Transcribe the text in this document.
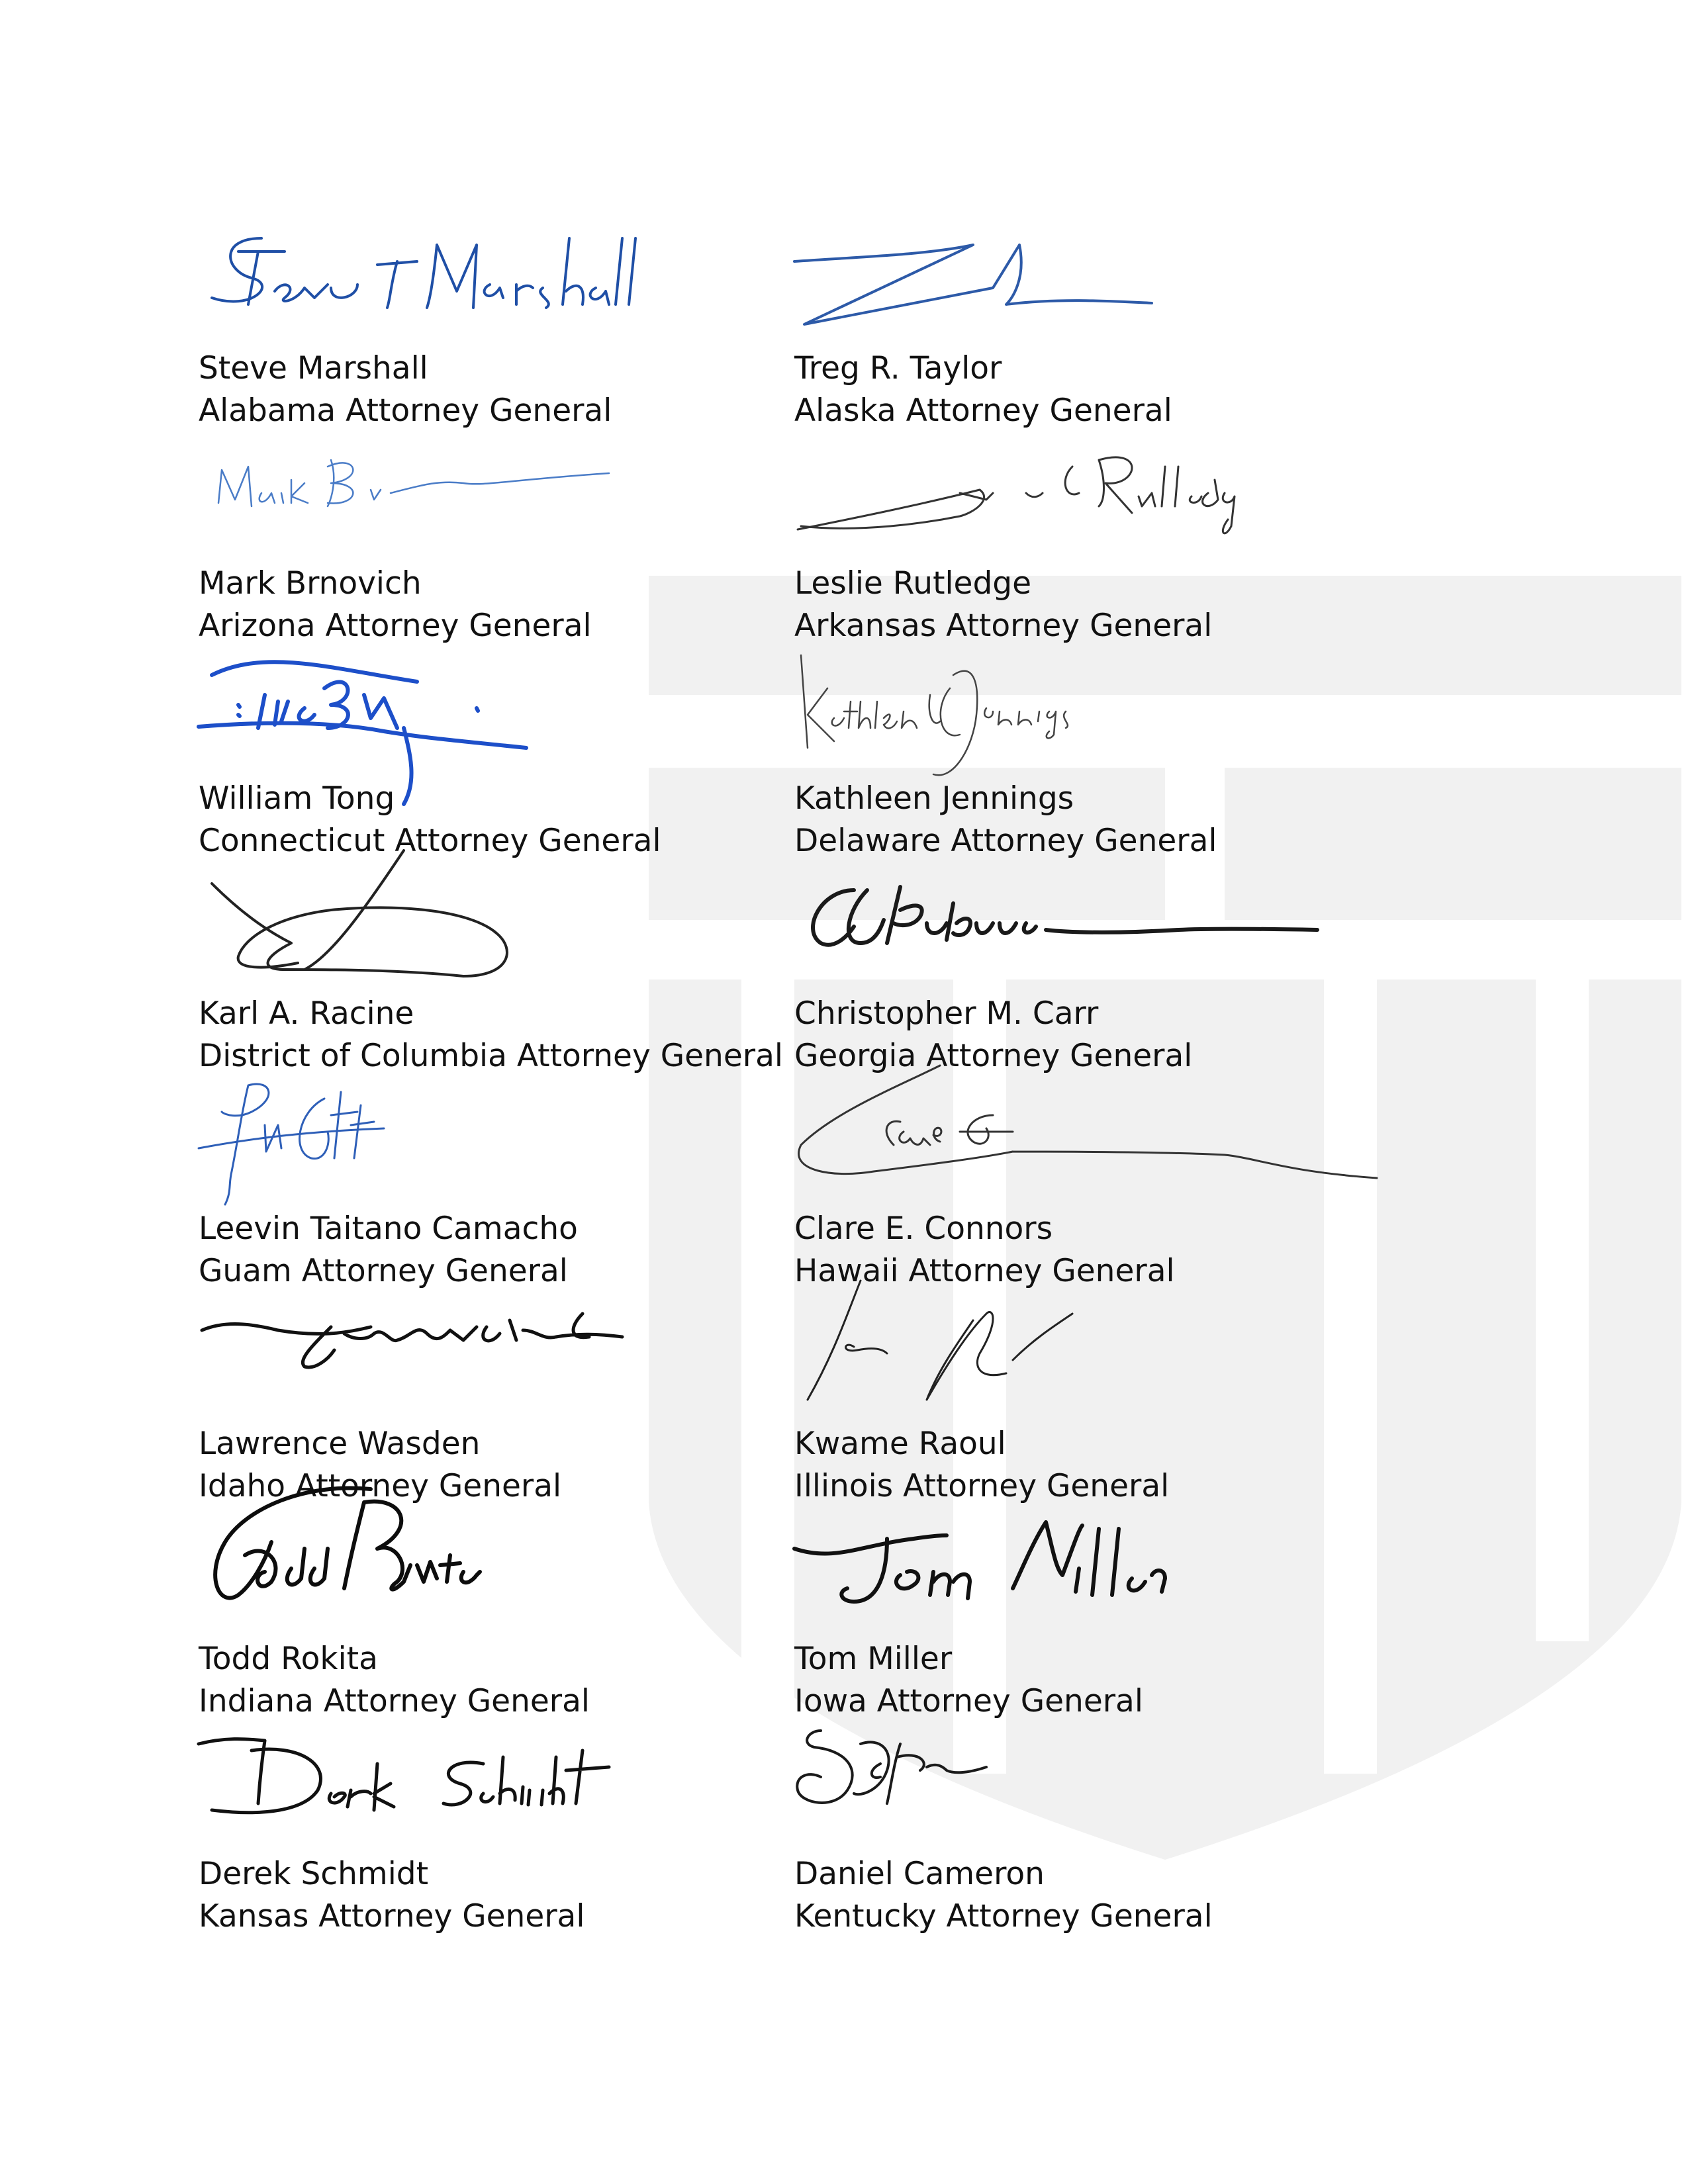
Steve Marshall
Alabama Attorney General
Treg R. Taylor
Alaska Attorney General
Mark Brnovich
Arizona Attorney General
Leslie Rutledge
Arkansas Attorney General
William Tong
Connecticut Attorney General
Kathleen Jennings
Delaware Attorney General
Karl A. Racine
District of Columbia Attorney General
Christopher M. Carr
Georgia Attorney General
Leevin Taitano Camacho
Guam Attorney General
Clare E. Connors
Hawaii Attorney General
Lawrence Wasden
Idaho Attorney General
Kwame Raoul
Illinois Attorney General
Todd Rokita
Indiana Attorney General
Tom Miller
Iowa Attorney General
Derek Schmidt
Kansas Attorney General
Daniel Cameron
Kentucky Attorney General
